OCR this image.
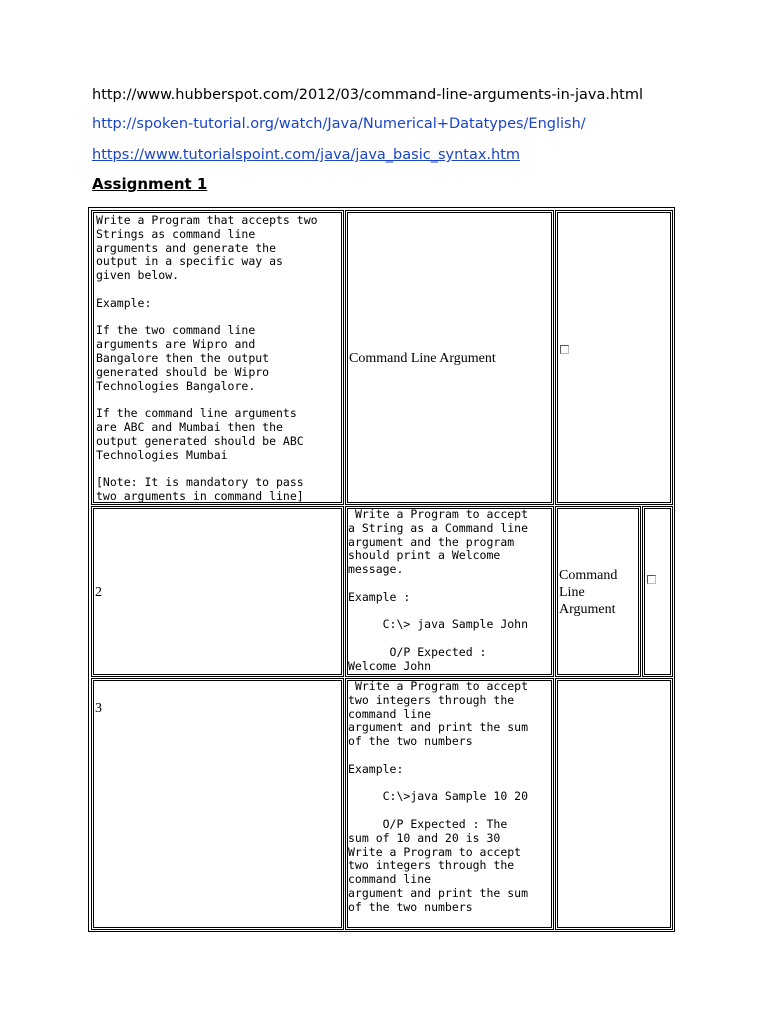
http://www.hubberspot.com/2012/03/command-line-arguments-in-java.html
http://spoken-tutorial.org/watch/Java/Numerical+Datatypes/English/
https://www.tutorialspoint.com/java/java_basic_syntax.htm
Assignment 1
Write a Program that accepts two
Strings as command line
arguments and generate the
output in a specific way as
given below.

Example:

If the two command line
arguments are Wipro and
Bangalore then the output
generated should be Wipro
Technologies Bangalore.

If the command line arguments
are ABC and Mumbai then the
output generated should be ABC
Technologies Mumbai

[Note: It is mandatory to pass
two arguments in command line]
Command Line Argument
2
Write a Program to accept
a String as a Command line
argument and the program
should print a Welcome
message.

Example :

C:\> java Sample John

O/P Expected :
Welcome John
Command
Line
Argument
3
Write a Program to accept
two integers through the
command line
argument and print the sum
of the two numbers

Example:

C:\>java Sample 10 20

O/P Expected : The
sum of 10 and 20 is 30
Write a Program to accept
two integers through the
command line
argument and print the sum
of the two numbers
